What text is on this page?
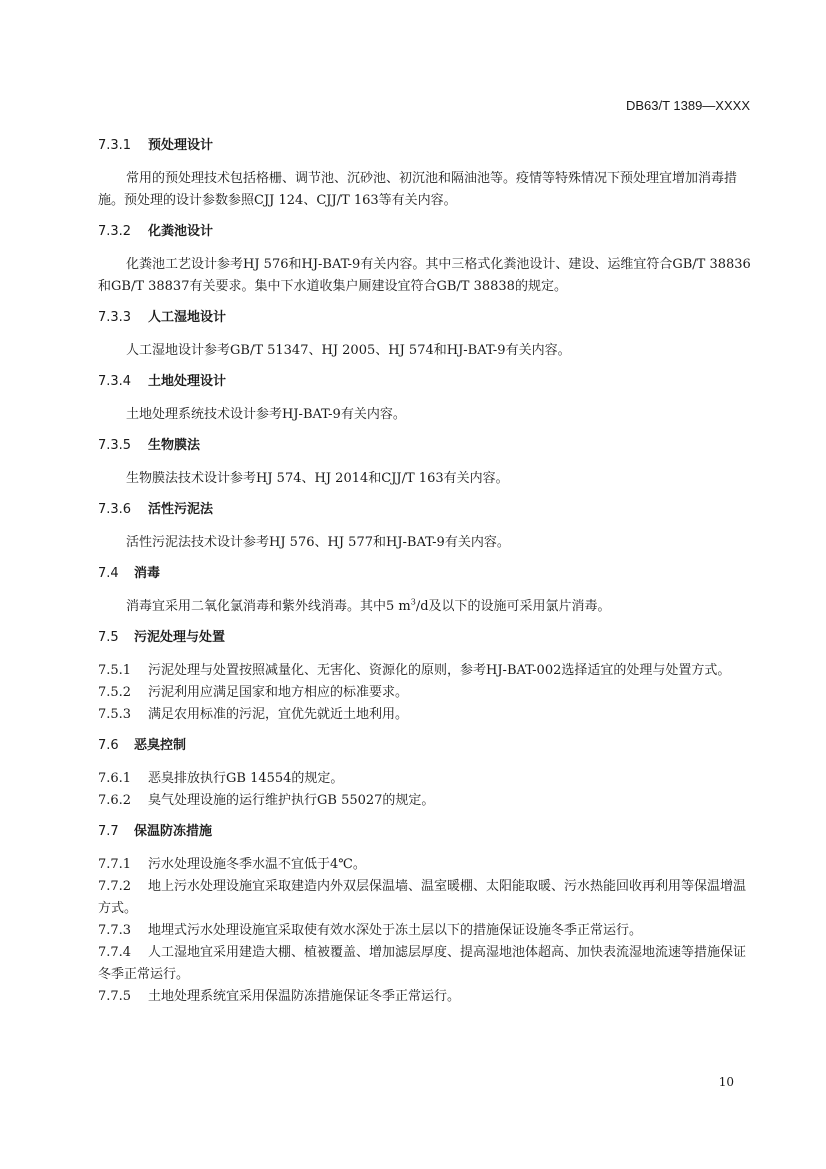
DB63/T 1389—XXXX
7.3.1 预处理设计
常用的预处理技术包括格栅、调节池、沉砂池、初沉池和隔油池等。疫情等特殊情况下预处理宜增加消毒措施。预处理的设计参数参照CJJ 124、CJJ/T 163等有关内容。
7.3.2 化粪池设计
化粪池工艺设计参考HJ 576和HJ-BAT-9有关内容。其中三格式化粪池设计、建设、运维宜符合GB/T 38836和GB/T 38837有关要求。集中下水道收集户厕建设宜符合GB/T 38838的规定。
7.3.3 人工湿地设计
人工湿地设计参考GB/T 51347、HJ 2005、HJ 574和HJ-BAT-9有关内容。
7.3.4 土地处理设计
土地处理系统技术设计参考HJ-BAT-9有关内容。
7.3.5 生物膜法
生物膜法技术设计参考HJ 574、HJ 2014和CJJ/T 163有关内容。
7.3.6 活性污泥法
活性污泥法技术设计参考HJ 576、HJ 577和HJ-BAT-9有关内容。
7.4 消毒
消毒宜采用二氧化氯消毒和紫外线消毒。其中5 $m^3/d$及以下的设施可采用氯片消毒。
7.5 污泥处理与处置
7.5.1 污泥处理与处置按照减量化、无害化、资源化的原则，参考HJ-BAT-002选择适宜的处理与处置方式。
7.5.2 污泥利用应满足国家和地方相应的标准要求。
7.5.3 满足农用标准的污泥，宜优先就近土地利用。
7.6 恶臭控制
7.6.1 恶臭排放执行GB 14554的规定。
7.6.2 臭气处理设施的运行维护执行GB 55027的规定。
7.7 保温防冻措施
7.7.1 污水处理设施冬季水温不宜低于4℃。
7.7.2 地上污水处理设施宜采取建造内外双层保温墙、温室暖棚、太阳能取暖、污水热能回收再利用等保温增温方式。
7.7.3 地埋式污水处理设施宜采取使有效水深处于冻土层以下的措施保证设施冬季正常运行。
7.7.4 人工湿地宜采用建造大棚、植被覆盖、增加滤层厚度、提高湿地池体超高、加快表流湿地流速等措施保证冬季正常运行。
7.7.5 土地处理系统宜采用保温防冻措施保证冬季正常运行。
10
